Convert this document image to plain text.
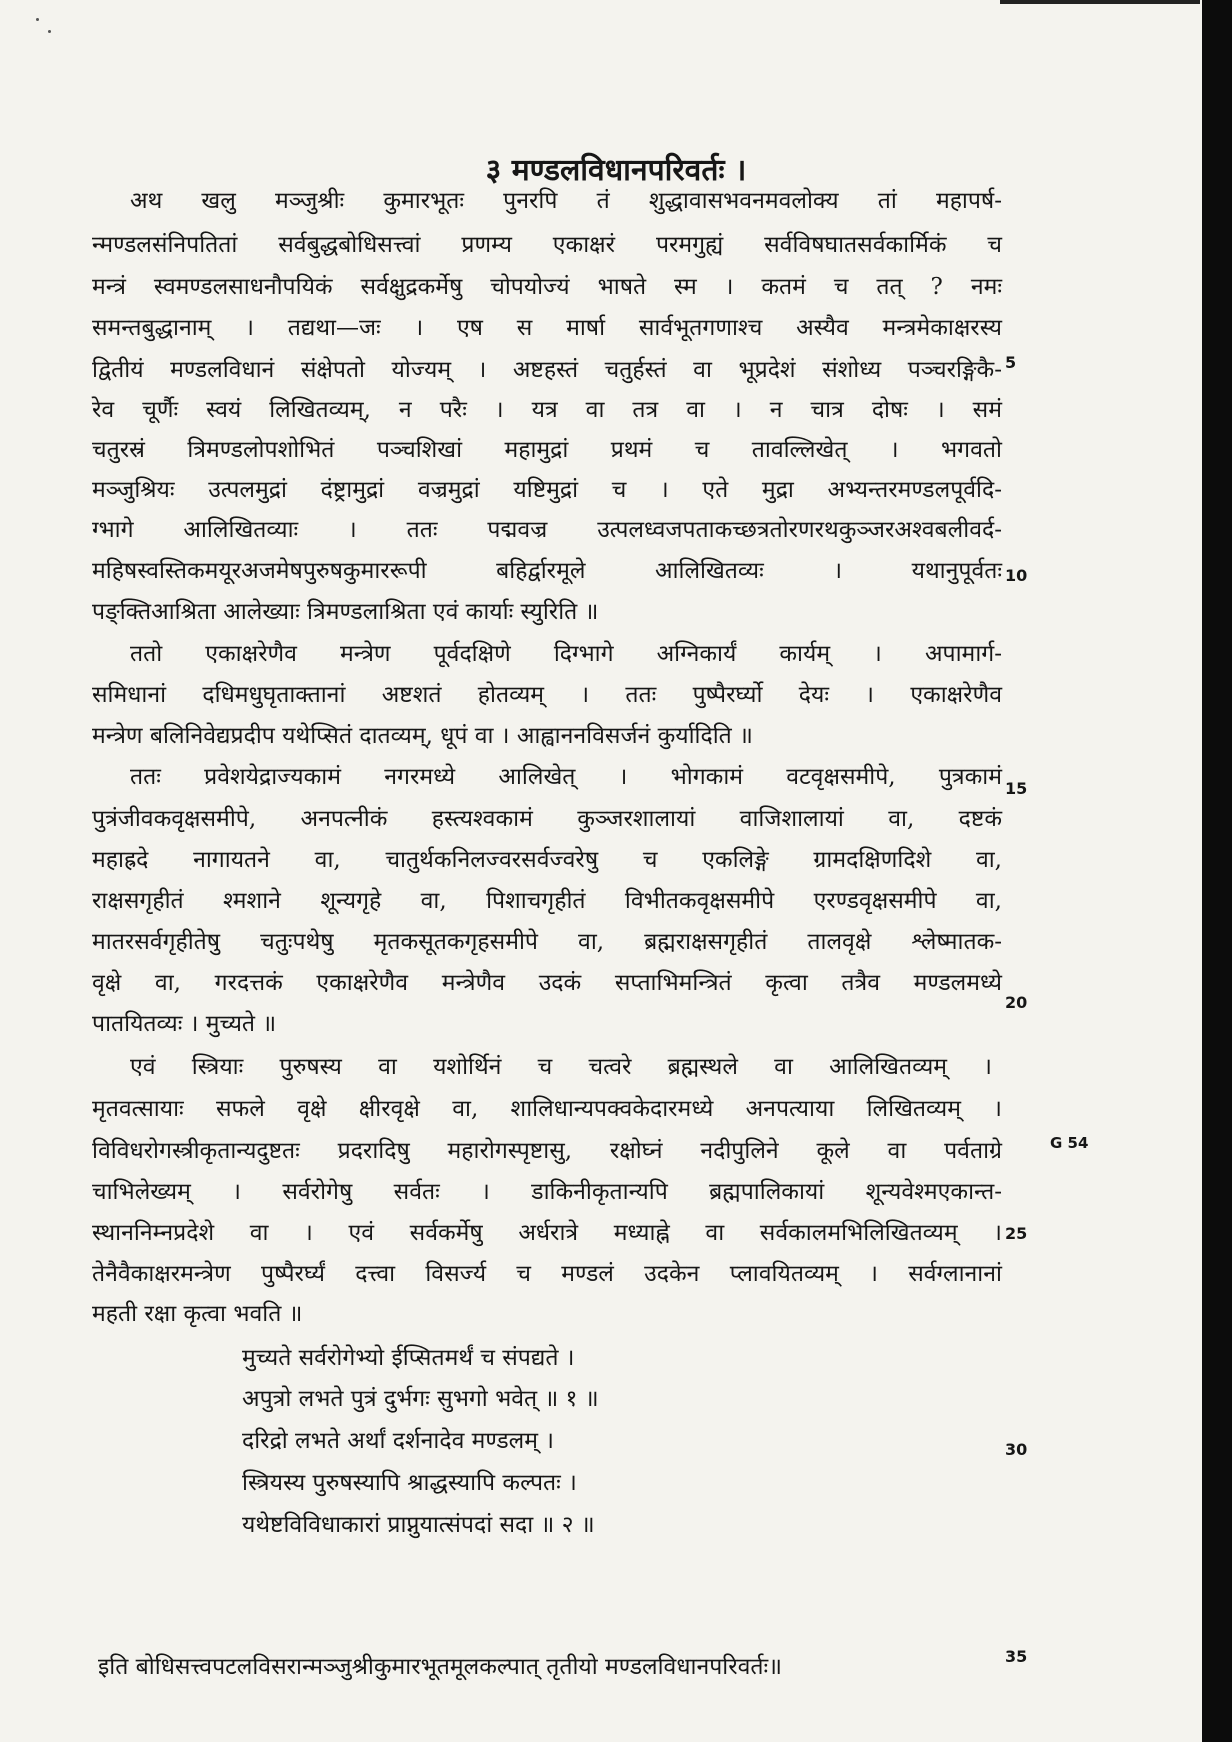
३ मण्डलविधानपरिवर्तः ।
अथ खलु मञ्जुश्रीः कुमारभूतः पुनरपि तं शुद्धावासभवनमवलोक्य तां महापर्ष-
न्मण्डलसंनिपतितां सर्वबुद्धबोधिसत्त्वां प्रणम्य एकाक्षरं परमगुह्यं सर्वविषघातसर्वकार्मिकं च
मन्त्रं स्वमण्डलसाधनौपयिकं सर्वक्षुद्रकर्मेषु चोपयोज्यं भाषते स्म । कतमं च तत् ? नमः
समन्तबुद्धानाम् । तद्यथा—जः । एष स मार्षा सार्वभूतगणाश्च अस्यैव मन्त्रमेकाक्षरस्य
द्वितीयं मण्डलविधानं संक्षेपतो योज्यम् । अष्टहस्तं चतुर्हस्तं वा भूप्रदेशं संशोध्य पञ्चरङ्गिकै-
रेव चूर्णैः स्वयं लिखितव्यम्, न परैः । यत्र वा तत्र वा । न चात्र दोषः । समं
चतुरस्रं त्रिमण्डलोपशोभितं पञ्चशिखां महामुद्रां प्रथमं च तावल्लिखेत् । भगवतो
मञ्जुश्रियः उत्पलमुद्रां दंष्ट्रामुद्रां वज्रमुद्रां यष्टिमुद्रां च । एते मुद्रा अभ्यन्तरमण्डलपूर्वदि-
ग्भागे आलिखितव्याः । ततः पद्मवज्र उत्पलध्वजपताकच्छत्रतोरणरथकुञ्जरअश्वबलीवर्द-
महिषस्वस्तिकमयूरअजमेषपुरुषकुमाररूपी बहिर्द्वारमूले आलिखितव्यः । यथानुपूर्वतः
पङ्क्तिआश्रिता आलेख्याः त्रिमण्डलाश्रिता एवं कार्याः स्युरिति ॥
ततो एकाक्षरेणैव मन्त्रेण पूर्वदक्षिणे दिग्भागे अग्निकार्यं कार्यम् । अपामार्ग-
समिधानां दधिमधुघृताक्तानां अष्टशतं होतव्यम् । ततः पुष्पैरर्घ्यो देयः । एकाक्षरेणैव
मन्त्रेण बलिनिवेद्यप्रदीप यथेप्सितं दातव्यम्, धूपं वा । आह्वाननविसर्जनं कुर्यादिति ॥
ततः प्रवेशयेद्राज्यकामं नगरमध्ये आलिखेत् । भोगकामं वटवृक्षसमीपे, पुत्रकामं
पुत्रंजीवकवृक्षसमीपे, अनपत्नीकं हस्त्यश्वकामं कुञ्जरशालायां वाजिशालायां वा, दष्टकं
महाह्रदे नागायतने वा, चातुर्थकनिलज्वरसर्वज्वरेषु च एकलिङ्गे ग्रामदक्षिणदिशे वा,
राक्षसगृहीतं श्मशाने शून्यगृहे वा, पिशाचगृहीतं विभीतकवृक्षसमीपे एरण्डवृक्षसमीपे वा,
मातरसर्वगृहीतेषु चतुःपथेषु मृतकसूतकगृहसमीपे वा, ब्रह्मराक्षसगृहीतं तालवृक्षे श्लेष्मातक-
वृक्षे वा, गरदत्तकं एकाक्षरेणैव मन्त्रेणैव उदकं सप्ताभिमन्त्रितं कृत्वा तत्रैव मण्डलमध्ये
पातयितव्यः । मुच्यते ॥
एवं स्त्रियाः पुरुषस्य वा यशोर्थिनं च चत्वरे ब्रह्मस्थले वा आलिखितव्यम् ।
मृतवत्सायाः सफले वृक्षे क्षीरवृक्षे वा, शालिधान्यपक्वकेदारमध्ये अनपत्याया लिखितव्यम् ।
विविधरोगस्त्रीकृतान्यदुष्टतः प्रदरादिषु महारोगस्पृष्टासु, रक्षोघ्नं नदीपुलिने कूले वा पर्वताग्रे
चाभिलेख्यम् । सर्वरोगेषु सर्वतः । डाकिनीकृतान्यपि ब्रह्मपालिकायां शून्यवेश्मएकान्त-
स्थाननिम्नप्रदेशे वा । एवं सर्वकर्मेषु अर्धरात्रे मध्याह्ने वा सर्वकालमभिलिखितव्यम् ।
तेनैवैकाक्षरमन्त्रेण पुष्पैरर्घ्यं दत्त्वा विसर्ज्य च मण्डलं उदकेन प्लावयितव्यम् । सर्वग्लानानां
महती रक्षा कृत्वा भवति ॥
मुच्यते सर्वरोगेभ्यो ईप्सितमर्थं च संपद्यते ।
अपुत्रो लभते पुत्रं दुर्भगः सुभगो भवेत् ॥ १ ॥
दरिद्रो लभते अर्थां दर्शनादेव मण्डलम् ।
स्त्रियस्य पुरुषस्यापि श्राद्धस्यापि कल्पतः ।
यथेष्टविविधाकारां प्राप्नुयात्संपदां सदा ॥ २ ॥
इति बोधिसत्त्वपटलविसरान्मञ्जुश्रीकुमारभूतमूलकल्पात् तृतीयो मण्डलविधानपरिवर्तः॥
5
10
15
20
25
30
35
G 54
